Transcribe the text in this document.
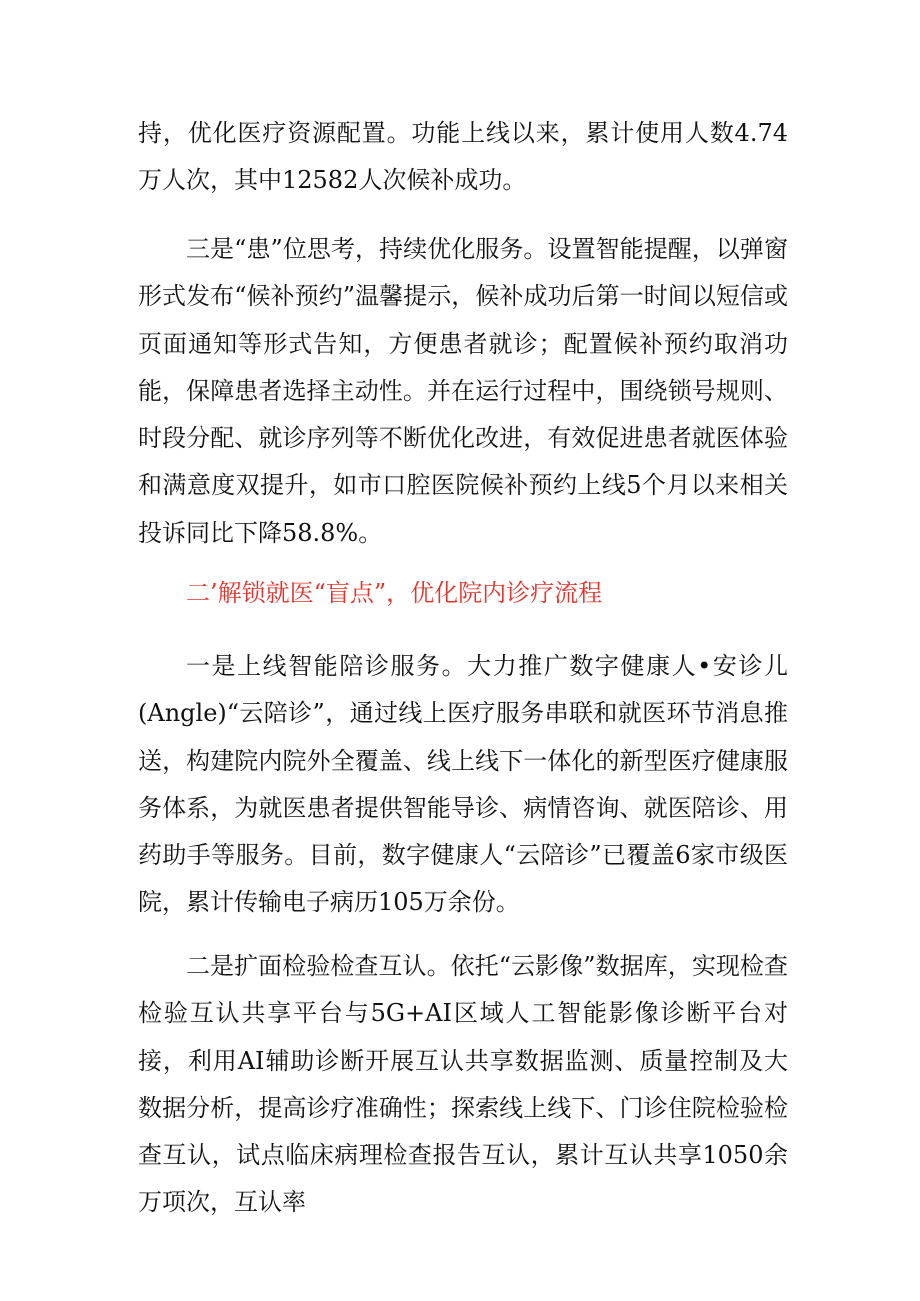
持，优化医疗资源配置。功能上线以来，累计使用人数4.74万人次，其中12582人次候补成功。

三是“患”位思考，持续优化服务。设置智能提醒，以弹窗形式发布“候补预约”温馨提示，候补成功后第一时间以短信或页面通知等形式告知，方便患者就诊；配置候补预约取消功能，保障患者选择主动性。并在运行过程中，围绕锁号规则、时段分配、就诊序列等不断优化改进，有效促进患者就医体验和满意度双提升，如市口腔医院候补预约上线5个月以来相关投诉同比下降58.8%。

二’解锁就医“盲点”，优化院内诊疗流程

一是上线智能陪诊服务。大力推广数字健康人•安诊儿(Angle)“云陪诊”，通过线上医疗服务串联和就医环节消息推送，构建院内院外全覆盖、线上线下一体化的新型医疗健康服务体系，为就医患者提供智能导诊、病情咨询、就医陪诊、用药助手等服务。目前，数字健康人“云陪诊”已覆盖6家市级医院，累计传输电子病历105万余份。

二是扩面检验检查互认。依托“云影像”数据库，实现检查检验互认共享平台与5G+AI区域人工智能影像诊断平台对接，利用AI辅助诊断开展互认共享数据监测、质量控制及大数据分析，提高诊疗准确性；探索线上线下、门诊住院检验检查互认，试点临床病理检查报告互认，累计互认共享1050余万项次，互认率
